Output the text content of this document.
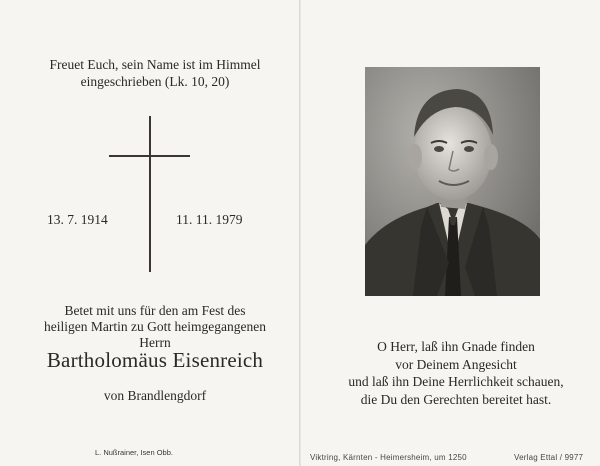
Freuet Euch, sein Name ist im Himmel
eingeschrieben (Lk. 10, 20)
13. 7. 1914	11. 11. 1979
Betet mit uns für den am Fest des
heiligen Martin zu Gott heimgegangenen
Herrn
Bartholomäus Eisenreich
von Brandlengdorf
L. Nußrainer, Isen Obb.
O Herr, laß ihn Gnade finden
vor Deinem Angesicht
und laß ihn Deine Herrlichkeit schauen,
die Du den Gerechten bereitet hast.
Viktring, Kärnten - Heimersheim, um 1250	Verlag Ettal / 9977
